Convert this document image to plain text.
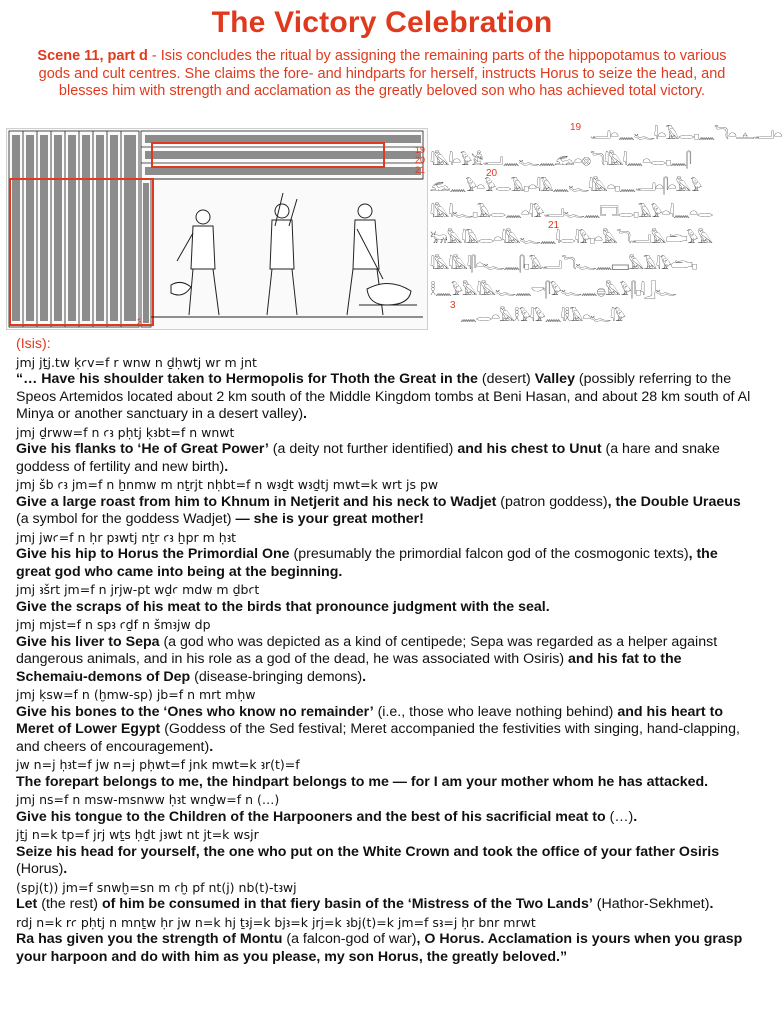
The Victory Celebration

Scene 11, part d - Isis concludes the ritual by assigning the remaining parts of the hippopotamus to various gods and cult centres. She claims the fore- and hindparts for herself, instructs Horus to seize the head, and blesses him with strength and acclamation as the greatly beloved son who has achieved total victory.

19
20
21
3
19 𓂝𓏏𓈖𓆑𓇋𓏏𓄿𓂋𓊪𓈖𓆓𓏏𓊵𓂝𓏏
𓇋𓅓𓇋𓏏𓅱𓀀𓂝𓈖𓆑𓈖𓃹𓏏𓊖𓆓𓇋𓅓𓇋𓈖𓏏𓂋𓊪𓈖𓋴
20
𓃹𓈖𓅱𓏏𓅱𓂋𓄿𓊪𓏏𓇋𓄿𓈖𓆑𓇋𓅓𓏏𓊪𓈖𓂝𓏏𓋴𓏏𓅓𓅱
𓇋𓅓𓇋𓆑𓊪𓄿𓂋𓈖𓏏𓇋𓅱𓂝𓆑𓈖𓉐𓂋𓊪𓄿𓅱𓏏𓇋𓈖𓏏𓂋
21
𓃒𓅓𓇋𓄿𓂋𓏏𓇋𓅓𓆑𓈖𓇋𓂋𓇋𓅱𓊪𓏏𓅓𓆓𓂝𓅓𓂧𓅱𓅓
𓇋𓅓𓇋𓅓𓇋𓋴𓏏𓆑𓈖𓋴𓊪𓄿𓂝𓆓𓆑𓈖𓈙𓅓𓄿𓇋𓅱𓂧𓊪
𓎛𓈖𓅱𓅓𓇋𓅓𓆑𓈖𓎡𓋴𓅱𓆑𓈖𓐍𓅓𓅱𓋴𓊪𓇋𓃀𓆑
3
𓈖𓂋𓏏𓅓𓎛𓅱𓇋𓅱𓈖𓇋𓎛𓄿𓏏𓆑𓇋𓅱

(Isis):

jmj jṯj.tw ḳꜥv=f r wnw n ḏḥwtj wr m jnt

“… Have his shoulder taken to Hermopolis for Thoth the Great in the (desert) Valley (possibly referring to the Speos Artemidos located about 2 km south of the Middle Kingdom tombs at Beni Hasan, and about 28 km south of Al Minya or another sanctuary in a desert valley).

jmj ḏrww=f n ꜥꜣ pḥtj ḳꜣbt=f n wnwt

Give his flanks to ‘He of Great Power’ (a deity not further identified) and his chest to Unut (a hare and snake goddess of fertility and new birth).

jmj šb ꜥꜣ jm=f n ẖnmw m nṯrjt nḥbt=f n wꜣḏt wꜣḏtj mwt=k wrt js pw

Give a large roast from him to Khnum in Netjerit and his neck to Wadjet (patron goddess), the Double Uraeus (a symbol for the goddess Wadjet) — she is your great mother!

jmj jwꜥ=f n ḥr pꜣwtj nṯr ꜥꜣ ẖpr m ḥꜣt

Give his hip to Horus the Primordial One (presumably the primordial falcon god of the cosmogonic texts), the great god who came into being at the beginning.

jmj ꜣšrt jm=f n jrjw-pt wḏꜥ mdw m ḏbꜥt

Give the scraps of his meat to the birds that pronounce judgment with the seal.

jmj mjst=f n spꜣ ꜥḏf n šmꜣjw dp

Give his liver to Sepa (a god who was depicted as a kind of centipede; Sepa was regarded as a helper against dangerous animals, and in his role as a god of the dead, he was associated with Osiris) and his fat to the Schemaiu-demons of Dep (disease-bringing demons).

jmj ḳsw=f n (ḫmw-sp) jb=f n mrt mḥw

Give his bones to the ‘Ones who know no remainder’ (i.e., those who leave nothing behind) and his heart to Meret of Lower Egypt (Goddess of the Sed festival; Meret accompanied the festivities with singing, hand-clapping, and cheers of encouragement).

jw n=j ḥꜣt=f jw n=j pḥwt=f jnk mwt=k ꜣr(t)=f

The forepart belongs to me, the hindpart belongs to me — for I am your mother whom he has attacked.

jmj ns=f n msw-msnww ḥꜣt wnḏw=f n (…)

Give his tongue to the Children of the Harpooners and the best of his sacrificial meat to (…).

jṯj n=k tp=f jrj wṯs ḥḏt jꜣwt nt jt=k wsjr

Seize his head for yourself, the one who put on the White Crown and took the office of your father Osiris (Horus).

(spj(t)) jm=f snwḫ=sn m ꜥḫ pf nt(j) nb(t)-tꜣwj

Let (the rest) of him be consumed in that fiery basin of the ‘Mistress of the Two Lands’ (Hathor-Sekhmet).

rdj n=k rꜥ pḥtj n mnṯw ḥr jw n=k hj ṯꜣj=k bjꜣ=k jrj=k ꜣbj(t)=k jm=f sꜣ=j ḥr bnr mrwt

Ra has given you the strength of Montu (a falcon-god of war), O Horus. Acclamation is yours when you grasp your harpoon and do with him as you please, my son Horus, the greatly beloved.”
